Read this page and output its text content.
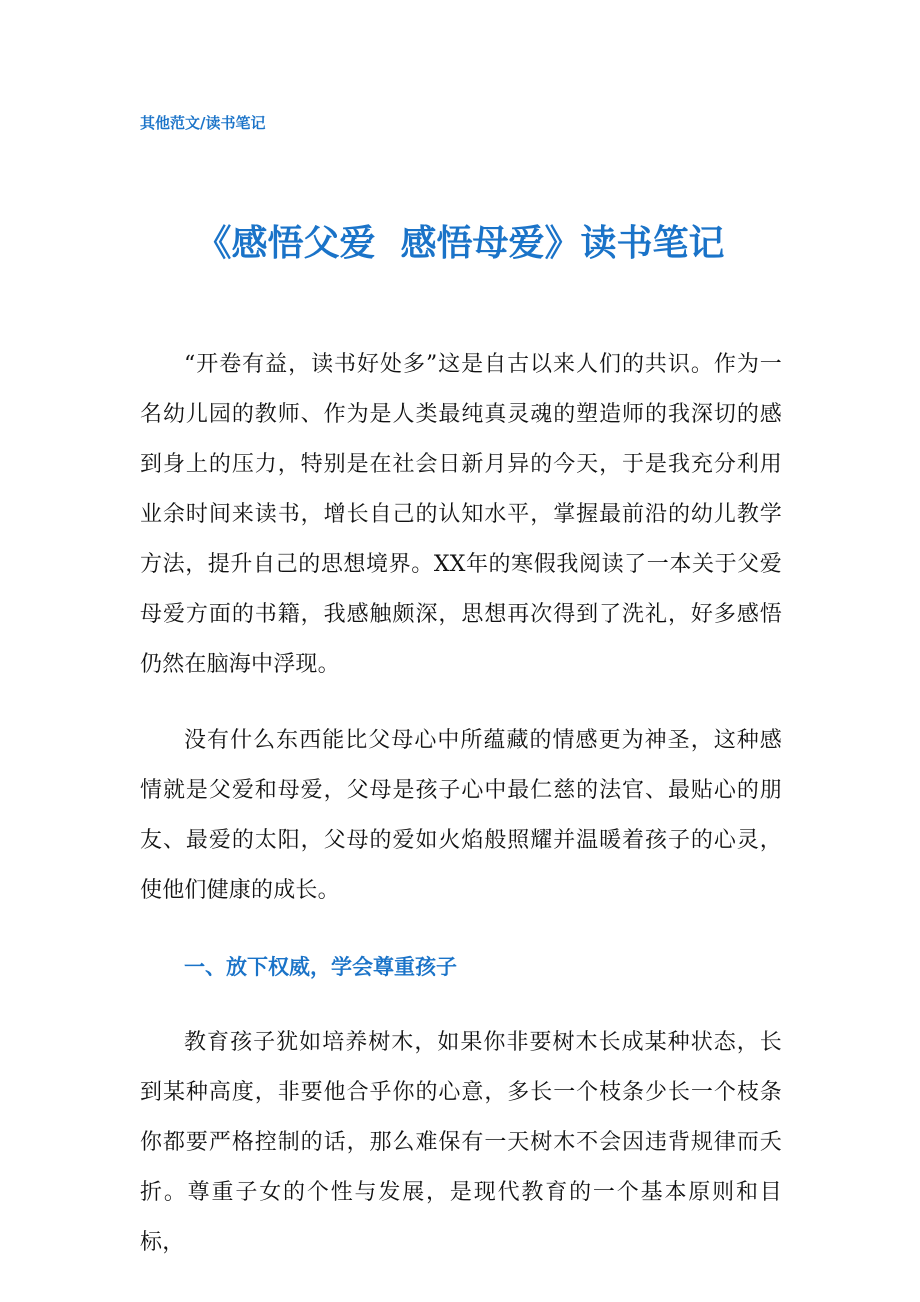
其他范文/读书笔记
《感悟父爱  感悟母爱》读书笔记

“开卷有益，读书好处多”这是自古以来人们的共识。作为一名幼儿园的教师、作为是人类最纯真灵魂的塑造师的我深切的感到身上的压力，特别是在社会日新月异的今天，于是我充分利用业余时间来读书，增长自己的认知水平，掌握最前沿的幼儿教学方法，提升自己的思想境界。XX年的寒假我阅读了一本关于父爱母爱方面的书籍，我感触颇深，思想再次得到了洗礼，好多感悟仍然在脑海中浮现。

没有什么东西能比父母心中所蕴藏的情感更为神圣，这种感情就是父爱和母爱，父母是孩子心中最仁慈的法官、最贴心的朋友、最爱的太阳，父母的爱如火焰般照耀并温暖着孩子的心灵，使他们健康的成长。

一、放下权威，学会尊重孩子

教育孩子犹如培养树木，如果你非要树木长成某种状态，长到某种高度，非要他合乎你的心意，多长一个枝条少长一个枝条你都要严格控制的话，那么难保有一天树木不会因违背规律而夭折。尊重子女的个性与发展，是现代教育的一个基本原则和目标，
